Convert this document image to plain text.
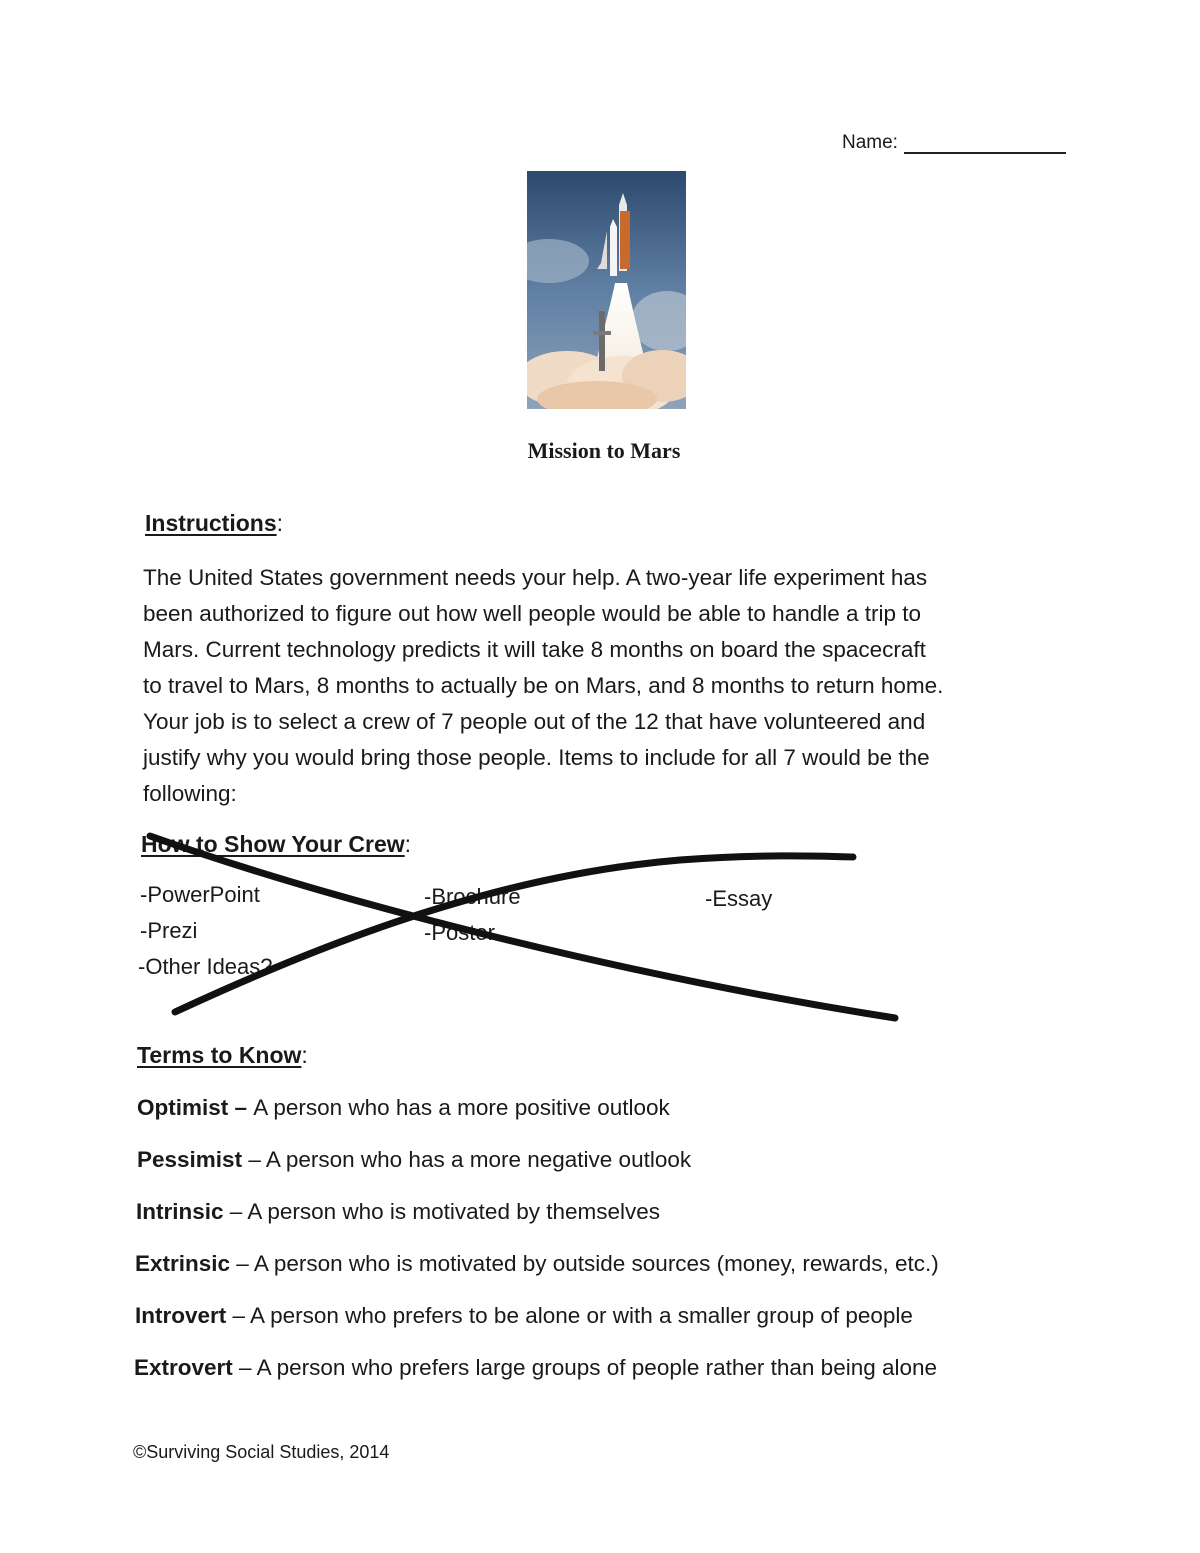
Name:
Mission to Mars
Instructions:
The United States government needs your help. A two-year life experiment has
been authorized to figure out how well people would be able to handle a trip to
Mars. Current technology predicts it will take 8 months on board the spacecraft
to travel to Mars, 8 months to actually be on Mars, and 8 months to return home.
Your job is to select a crew of 7 people out of the 12 that have volunteered and
justify why you would bring those people. Items to include for all 7 would be the
following:
How to Show Your Crew:
-PowerPoint
-Prezi
-Other Ideas?
-Brochure
-Poster
-Essay
Terms to Know:
Optimist – A person who has a more positive outlook
Pessimist – A person who has a more negative outlook
Intrinsic – A person who is motivated by themselves
Extrinsic – A person who is motivated by outside sources (money, rewards, etc.)
Introvert – A person who prefers to be alone or with a smaller group of people
Extrovert – A person who prefers large groups of people rather than being alone
©Surviving Social Studies, 2014
